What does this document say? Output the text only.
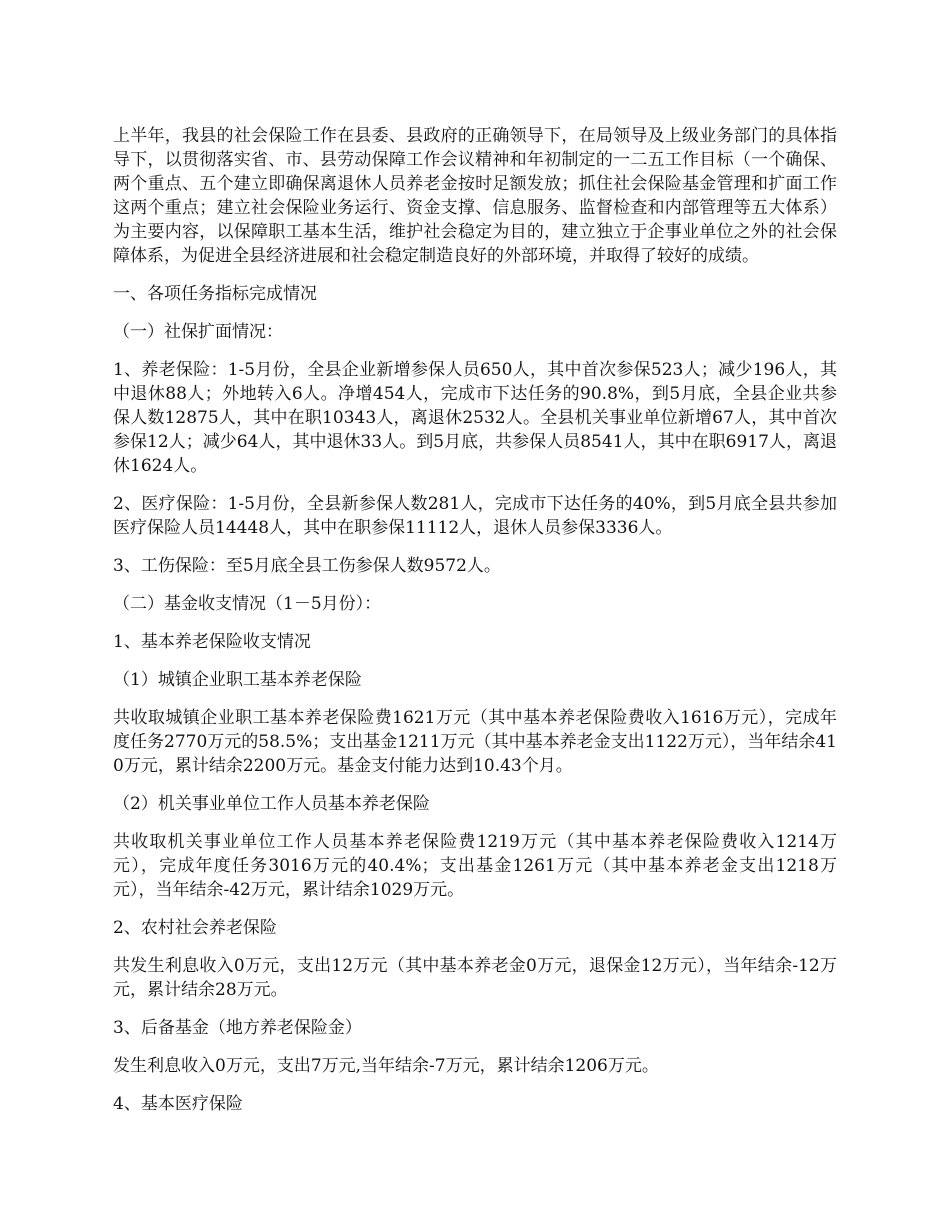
上半年，我县的社会保险工作在县委、县政府的正确领导下，在局领导及上级业务部门的具体指导下，以贯彻落实省、市、县劳动保障工作会议精神和年初制定的一二五工作目标（一个确保、两个重点、五个建立即确保离退休人员养老金按时足额发放；抓住社会保险基金管理和扩面工作这两个重点；建立社会保险业务运行、资金支撑、信息服务、监督检查和内部管理等五大体系）为主要内容，以保障职工基本生活，维护社会稳定为目的，建立独立于企事业单位之外的社会保障体系，为促进全县经济进展和社会稳定制造良好的外部环境，并取得了较好的成绩。

一、各项任务指标完成情况

（一）社保扩面情况：

1、养老保险：1-5月份，全县企业新增参保人员650人，其中首次参保523人；减少196人，其中退休88人；外地转入6人。净增454人，完成市下达任务的90.8%，到5月底，全县企业共参保人数12875人，其中在职10343人，离退休2532人。全县机关事业单位新增67人，其中首次参保12人；减少64人，其中退休33人。到5月底，共参保人员8541人，其中在职6917人，离退休1624人。

2、医疗保险：1-5月份，全县新参保人数281人，完成市下达任务的40%，到5月底全县共参加医疗保险人员14448人，其中在职参保11112人，退休人员参保3336人。

3、工伤保险：至5月底全县工伤参保人数9572人。

（二）基金收支情况（1－5月份）：

1、基本养老保险收支情况

（1）城镇企业职工基本养老保险

共收取城镇企业职工基本养老保险费1621万元（其中基本养老保险费收入1616万元），完成年度任务2770万元的58.5%；支出基金1211万元（其中基本养老金支出1122万元），当年结余410万元，累计结余2200万元。基金支付能力达到10.43个月。

（2）机关事业单位工作人员基本养老保险

共收取机关事业单位工作人员基本养老保险费1219万元（其中基本养老保险费收入1214万元），完成年度任务3016万元的40.4%；支出基金1261万元（其中基本养老金支出1218万元），当年结余-42万元，累计结余1029万元。

2、农村社会养老保险

共发生利息收入0万元，支出12万元（其中基本养老金0万元，退保金12万元），当年结余-12万元，累计结余28万元。

3、后备基金（地方养老保险金）

发生利息收入0万元，支出7万元,当年结余-7万元，累计结余1206万元。

4、基本医疗保险
